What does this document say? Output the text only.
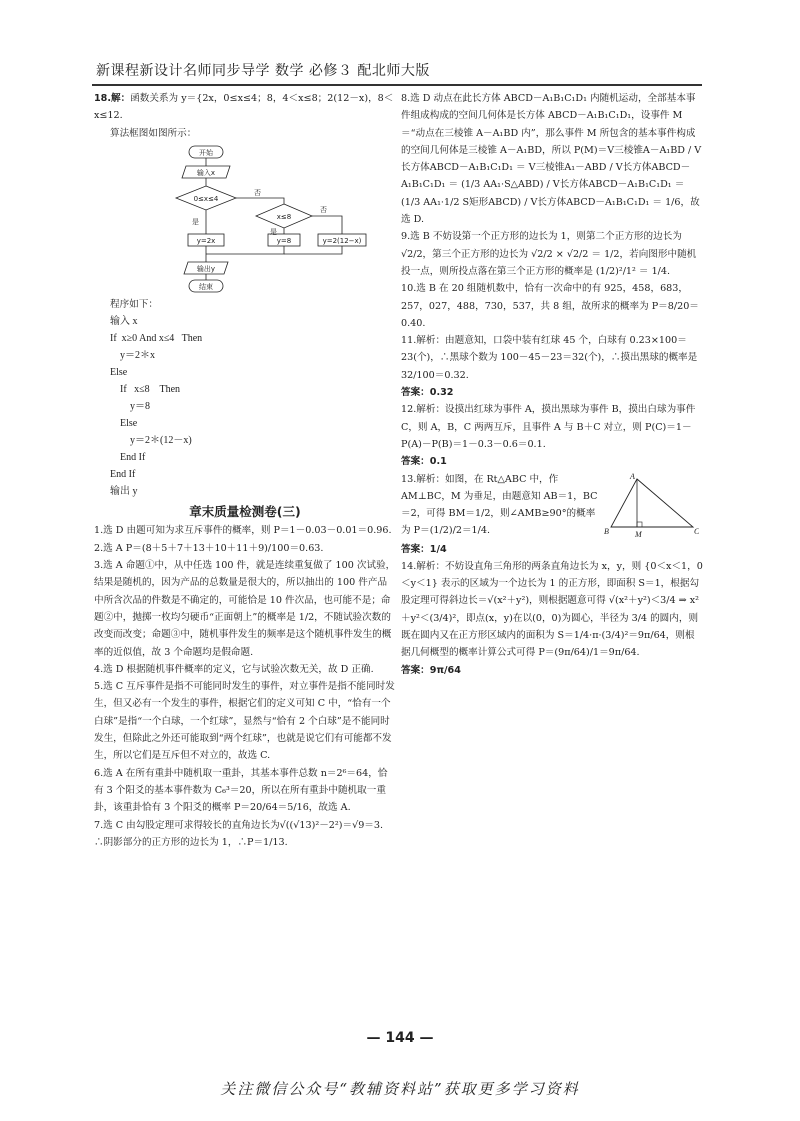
新课程新设计名师同步导学 数学 必修３ 配北师大版

18.解：函数关系为 y＝{2x，0≤x≤4；8，4＜x≤8；2(12－x)，8＜x≤12.

算法框图如图所示：

开始
输入x
0≤x≤4
否
x≤8
否
是
是
y=2x	y=8	y=2(12−x)
输出y
结束

程序如下：

输入 x
If  x≥0 And x≤4   Then
y＝2＊x
Else
If   x≤8    Then
y＝8
Else
y＝2＊(12－x)
End If
End If
输出 y
章末质量检测卷(三)

1.选 D 由题可知为求互斥事件的概率，则 P＝1－0.03－0.01＝0.96.

2.选 A P＝(8＋5＋7＋13＋10＋11＋9)/100＝0.63.

3.选 A 命题①中，从中任选 100 件，就是连续重复做了 100 次试验，结果是随机的，因为产品的总数量是很大的，所以抽出的 100 件产品中所含次品的件数是不确定的，可能恰是 10 件次品，也可能不是；命题②中，抛掷一枚均匀硬币“正面朝上”的概率是 1/2，不随试验次数的改变而改变；命题③中，随机事件发生的频率是这个随机事件发生的概率的近似值，故 3 个命题均是假命题.

4.选 D 根据随机事件概率的定义，它与试验次数无关，故 D 正确.

5.选 C 互斥事件是指不可能同时发生的事件，对立事件是指不能同时发生，但又必有一个发生的事件，根据它们的定义可知 C 中，“恰有一个白球”是指“一个白球，一个红球”，显然与“恰有 2 个白球”是不能同时发生，但除此之外还可能取到“两个红球”，也就是说它们有可能都不发生，所以它们是互斥但不对立的，故选 C.

6.选 A 在所有重卦中随机取一重卦，其基本事件总数 n＝2⁶＝64，恰有 3 个阳爻的基本事件数为 C₆³＝20，所以在所有重卦中随机取一重卦，该重卦恰有 3 个阳爻的概率 P＝20/64＝5/16，故选 A.

7.选 C 由勾股定理可求得较长的直角边长为√((√13)²－2²)＝√9＝3.

∴阴影部分的正方形的边长为 1，∴P＝1/13.

8.选 D 动点在此长方体 ABCD－A₁B₁C₁D₁ 内随机运动，全部基本事件组成构成的空间几何体是长方体 ABCD－A₁B₁C₁D₁，设事件 M＝“动点在三棱锥 A－A₁BD 内”，那么事件 M 所包含的基本事件构成的空间几何体是三棱锥 A－A₁BD，所以 P(M)＝V三棱锥A－A₁BD / V长方体ABCD－A₁B₁C₁D₁ ＝ V三棱锥A₁－ABD / V长方体ABCD－A₁B₁C₁D₁ ＝ (1/3 AA₁·S△ABD) / V长方体ABCD－A₁B₁C₁D₁ ＝ (1/3 AA₁·1/2 S矩形ABCD) / V长方体ABCD－A₁B₁C₁D₁ ＝ 1/6，故选 D.

9.选 B 不妨设第一个正方形的边长为 1，则第二个正方形的边长为 √2/2，第三个正方形的边长为 √2/2 × √2/2 ＝ 1/2，若向图形中随机投一点，则所投点落在第三个正方形的概率是 (1/2)²/1² ＝ 1/4.

10.选 B 在 20 组随机数中，恰有一次命中的有 925，458，683，257，027，488，730，537，共 8 组，故所求的概率为 P＝8/20＝0.40.

11.解析：由题意知，口袋中装有红球 45 个，白球有 0.23×100＝23(个)，∴黑球个数为 100－45－23＝32(个)，∴摸出黑球的概率是 32/100＝0.32.

答案：0.32

12.解析：设摸出红球为事件 A，摸出黑球为事件 B，摸出白球为事件 C，则 A，B，C 两两互斥，且事件 A 与 B＋C 对立，则 P(C)＝1－P(A)－P(B)＝1－0.3－0.6＝0.1.

答案：0.1

A
B	C
M
13.解析：如图，在 Rt△ABC 中，作 AM⊥BC，M 为垂足，由题意知 AB＝1，BC＝2，可得 BM＝1/2，则∠AMB≥90°的概率为 P＝(1/2)/2＝1/4.

答案：1/4

14.解析：不妨设直角三角形的两条直角边长为 x，y，则 {0＜x＜1，0＜y＜1} 表示的区域为一个边长为 1 的正方形，即面积 S＝1，根据勾股定理可得斜边长＝√(x²＋y²)，则根据题意可得 √(x²＋y²)＜3/4 ⇒ x²＋y²＜(3/4)²，即点(x，y)在以(0，0)为圆心，半径为 3/4 的圆内，则既在圆内又在正方形区域内的面积为 S＝1/4·π·(3/4)²＝9π/64，则根据几何概型的概率计算公式可得 P＝(9π/64)/1＝9π/64.

答案：9π/64

— 144 —
关注微信公众号“教辅资料站”获取更多学习资料
